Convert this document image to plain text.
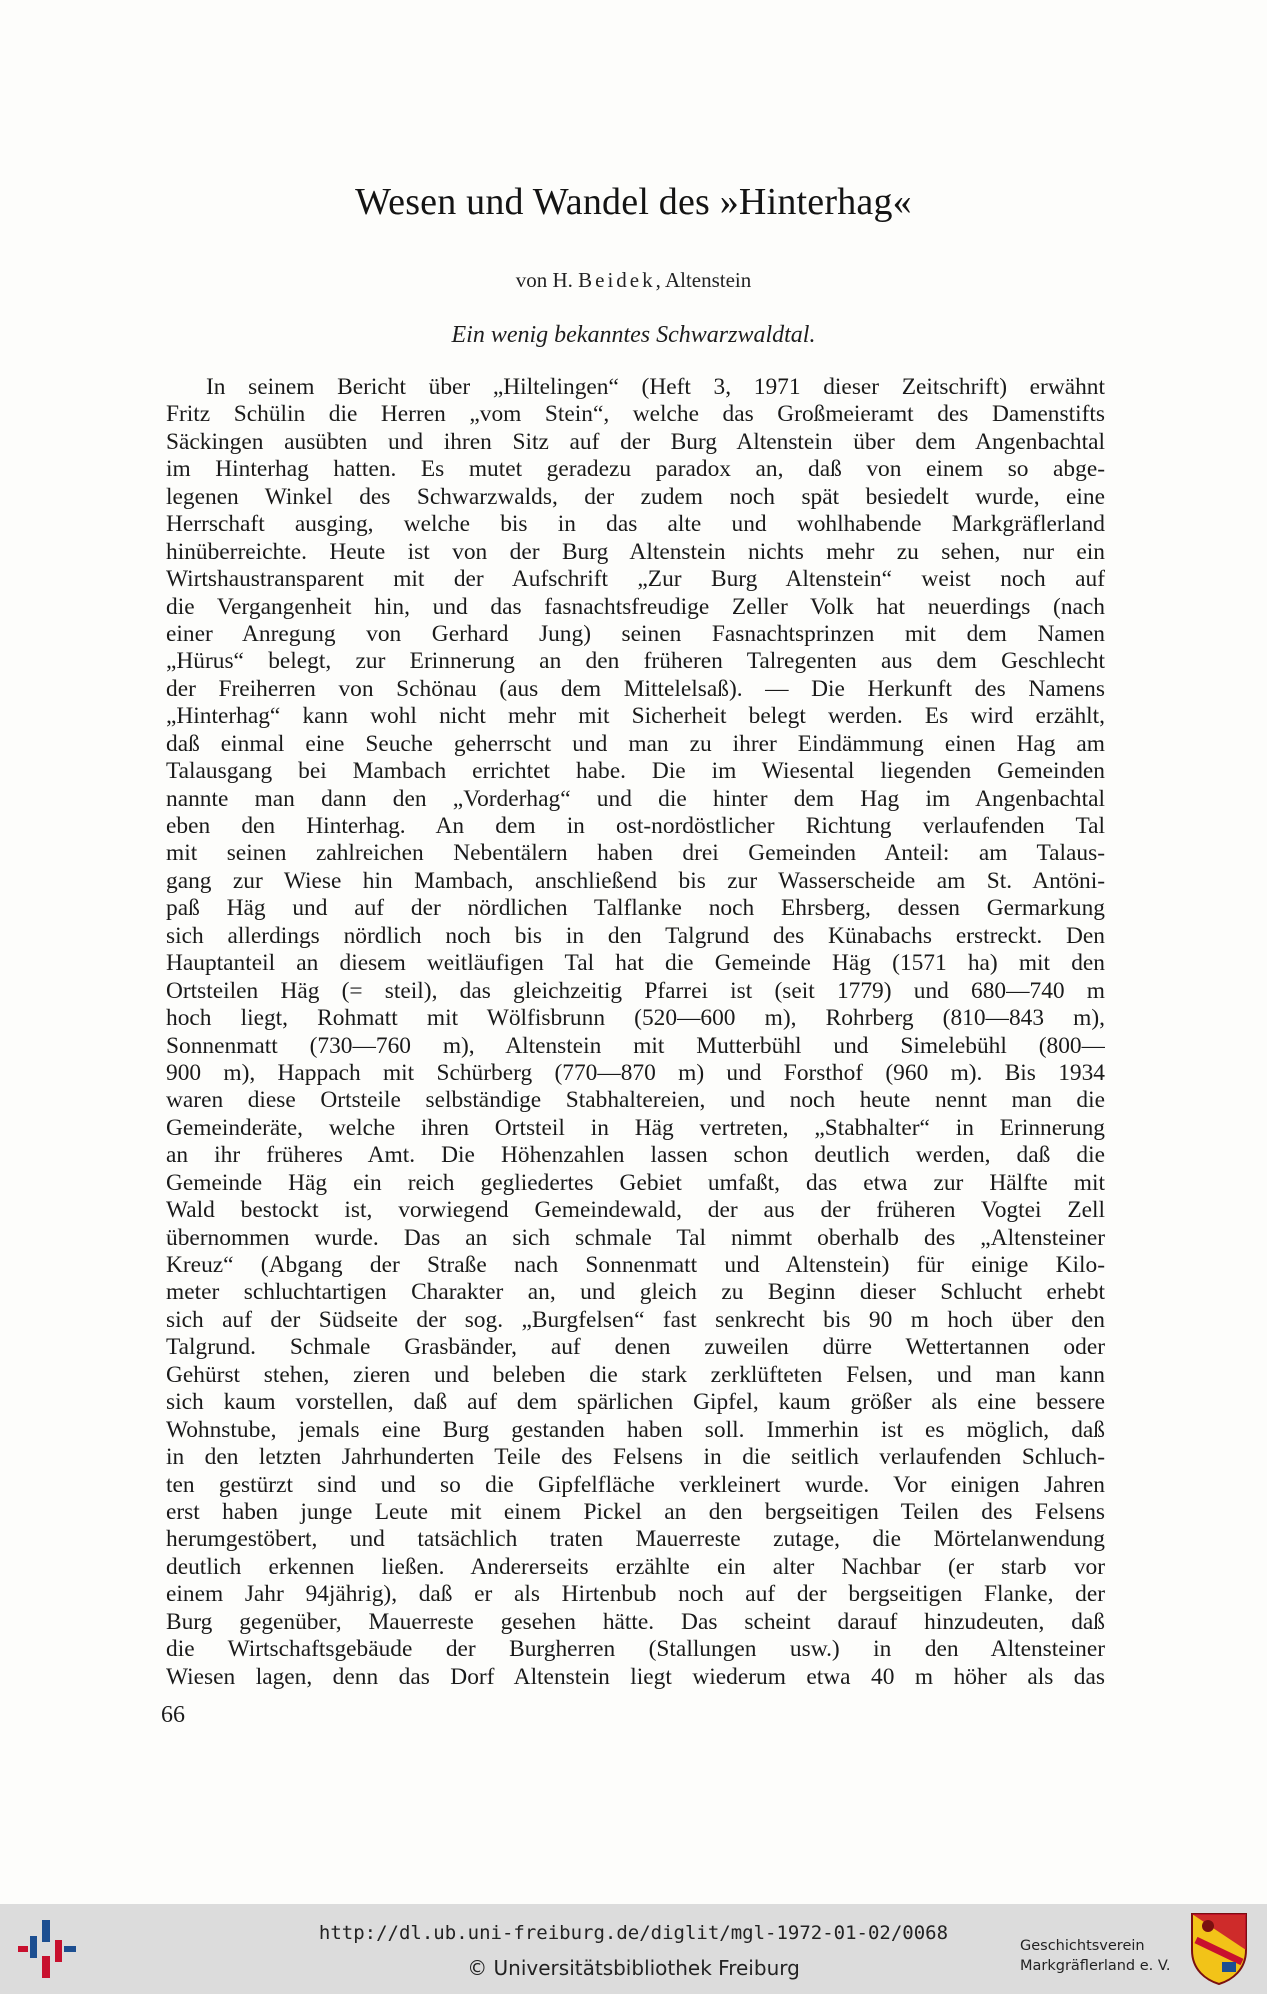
Wesen und Wandel des »Hinterhag«
von H. Beidek, Altenstein
Ein wenig bekanntes Schwarzwaldtal.
In seinem Bericht über „Hiltelingen“ (Heft 3, 1971 dieser Zeitschrift) erwähnt
Fritz Schülin die Herren „vom Stein“, welche das Großmeieramt des Damenstifts
Säckingen ausübten und ihren Sitz auf der Burg Altenstein über dem Angenbachtal
im Hinterhag hatten. Es mutet geradezu paradox an, daß von einem so abge-
legenen Winkel des Schwarzwalds, der zudem noch spät besiedelt wurde, eine
Herrschaft ausging, welche bis in das alte und wohlhabende Markgräflerland
hinüberreichte. Heute ist von der Burg Altenstein nichts mehr zu sehen, nur ein
Wirtshaustransparent mit der Aufschrift „Zur Burg Altenstein“ weist noch auf
die Vergangenheit hin, und das fasnachtsfreudige Zeller Volk hat neuerdings (nach
einer Anregung von Gerhard Jung) seinen Fasnachtsprinzen mit dem Namen
„Hürus“ belegt, zur Erinnerung an den früheren Talregenten aus dem Geschlecht
der Freiherren von Schönau (aus dem Mittelelsaß). — Die Herkunft des Namens
„Hinterhag“ kann wohl nicht mehr mit Sicherheit belegt werden. Es wird erzählt,
daß einmal eine Seuche geherrscht und man zu ihrer Eindämmung einen Hag am
Talausgang bei Mambach errichtet habe. Die im Wiesental liegenden Gemeinden
nannte man dann den „Vorderhag“ und die hinter dem Hag im Angenbachtal
eben den Hinterhag. An dem in ost-nordöstlicher Richtung verlaufenden Tal
mit seinen zahlreichen Nebentälern haben drei Gemeinden Anteil: am Talaus-
gang zur Wiese hin Mambach, anschließend bis zur Wasserscheide am St. Antöni-
paß Häg und auf der nördlichen Talflanke noch Ehrsberg, dessen Germarkung
sich allerdings nördlich noch bis in den Talgrund des Künabachs erstreckt. Den
Hauptanteil an diesem weitläufigen Tal hat die Gemeinde Häg (1571 ha) mit den
Ortsteilen Häg (= steil), das gleichzeitig Pfarrei ist (seit 1779) und 680—740 m
hoch liegt, Rohmatt mit Wölfisbrunn (520—600 m), Rohrberg (810—843 m),
Sonnenmatt (730—760 m), Altenstein mit Mutterbühl und Simelebühl (800—
900 m), Happach mit Schürberg (770—870 m) und Forsthof (960 m). Bis 1934
waren diese Ortsteile selbständige Stabhaltereien, und noch heute nennt man die
Gemeinderäte, welche ihren Ortsteil in Häg vertreten, „Stabhalter“ in Erinnerung
an ihr früheres Amt. Die Höhenzahlen lassen schon deutlich werden, daß die
Gemeinde Häg ein reich gegliedertes Gebiet umfaßt, das etwa zur Hälfte mit
Wald bestockt ist, vorwiegend Gemeindewald, der aus der früheren Vogtei Zell
übernommen wurde. Das an sich schmale Tal nimmt oberhalb des „Altensteiner
Kreuz“ (Abgang der Straße nach Sonnenmatt und Altenstein) für einige Kilo-
meter schluchtartigen Charakter an, und gleich zu Beginn dieser Schlucht erhebt
sich auf der Südseite der sog. „Burgfelsen“ fast senkrecht bis 90 m hoch über den
Talgrund. Schmale Grasbänder, auf denen zuweilen dürre Wettertannen oder
Gehürst stehen, zieren und beleben die stark zerklüfteten Felsen, und man kann
sich kaum vorstellen, daß auf dem spärlichen Gipfel, kaum größer als eine bessere
Wohnstube, jemals eine Burg gestanden haben soll. Immerhin ist es möglich, daß
in den letzten Jahrhunderten Teile des Felsens in die seitlich verlaufenden Schluch-
ten gestürzt sind und so die Gipfelfläche verkleinert wurde. Vor einigen Jahren
erst haben junge Leute mit einem Pickel an den bergseitigen Teilen des Felsens
herumgestöbert, und tatsächlich traten Mauerreste zutage, die Mörtelanwendung
deutlich erkennen ließen. Andererseits erzählte ein alter Nachbar (er starb vor
einem Jahr 94jährig), daß er als Hirtenbub noch auf der bergseitigen Flanke, der
Burg gegenüber, Mauerreste gesehen hätte. Das scheint darauf hinzudeuten, daß
die Wirtschaftsgebäude der Burgherren (Stallungen usw.) in den Altensteiner
Wiesen lagen, denn das Dorf Altenstein liegt wiederum etwa 40 m höher als das
66
http://dl.ub.uni-freiburg.de/diglit/mgl-1972-01-02/0068
© Universitätsbibliothek Freiburg
Geschichtsverein
Markgräflerland e. V.
